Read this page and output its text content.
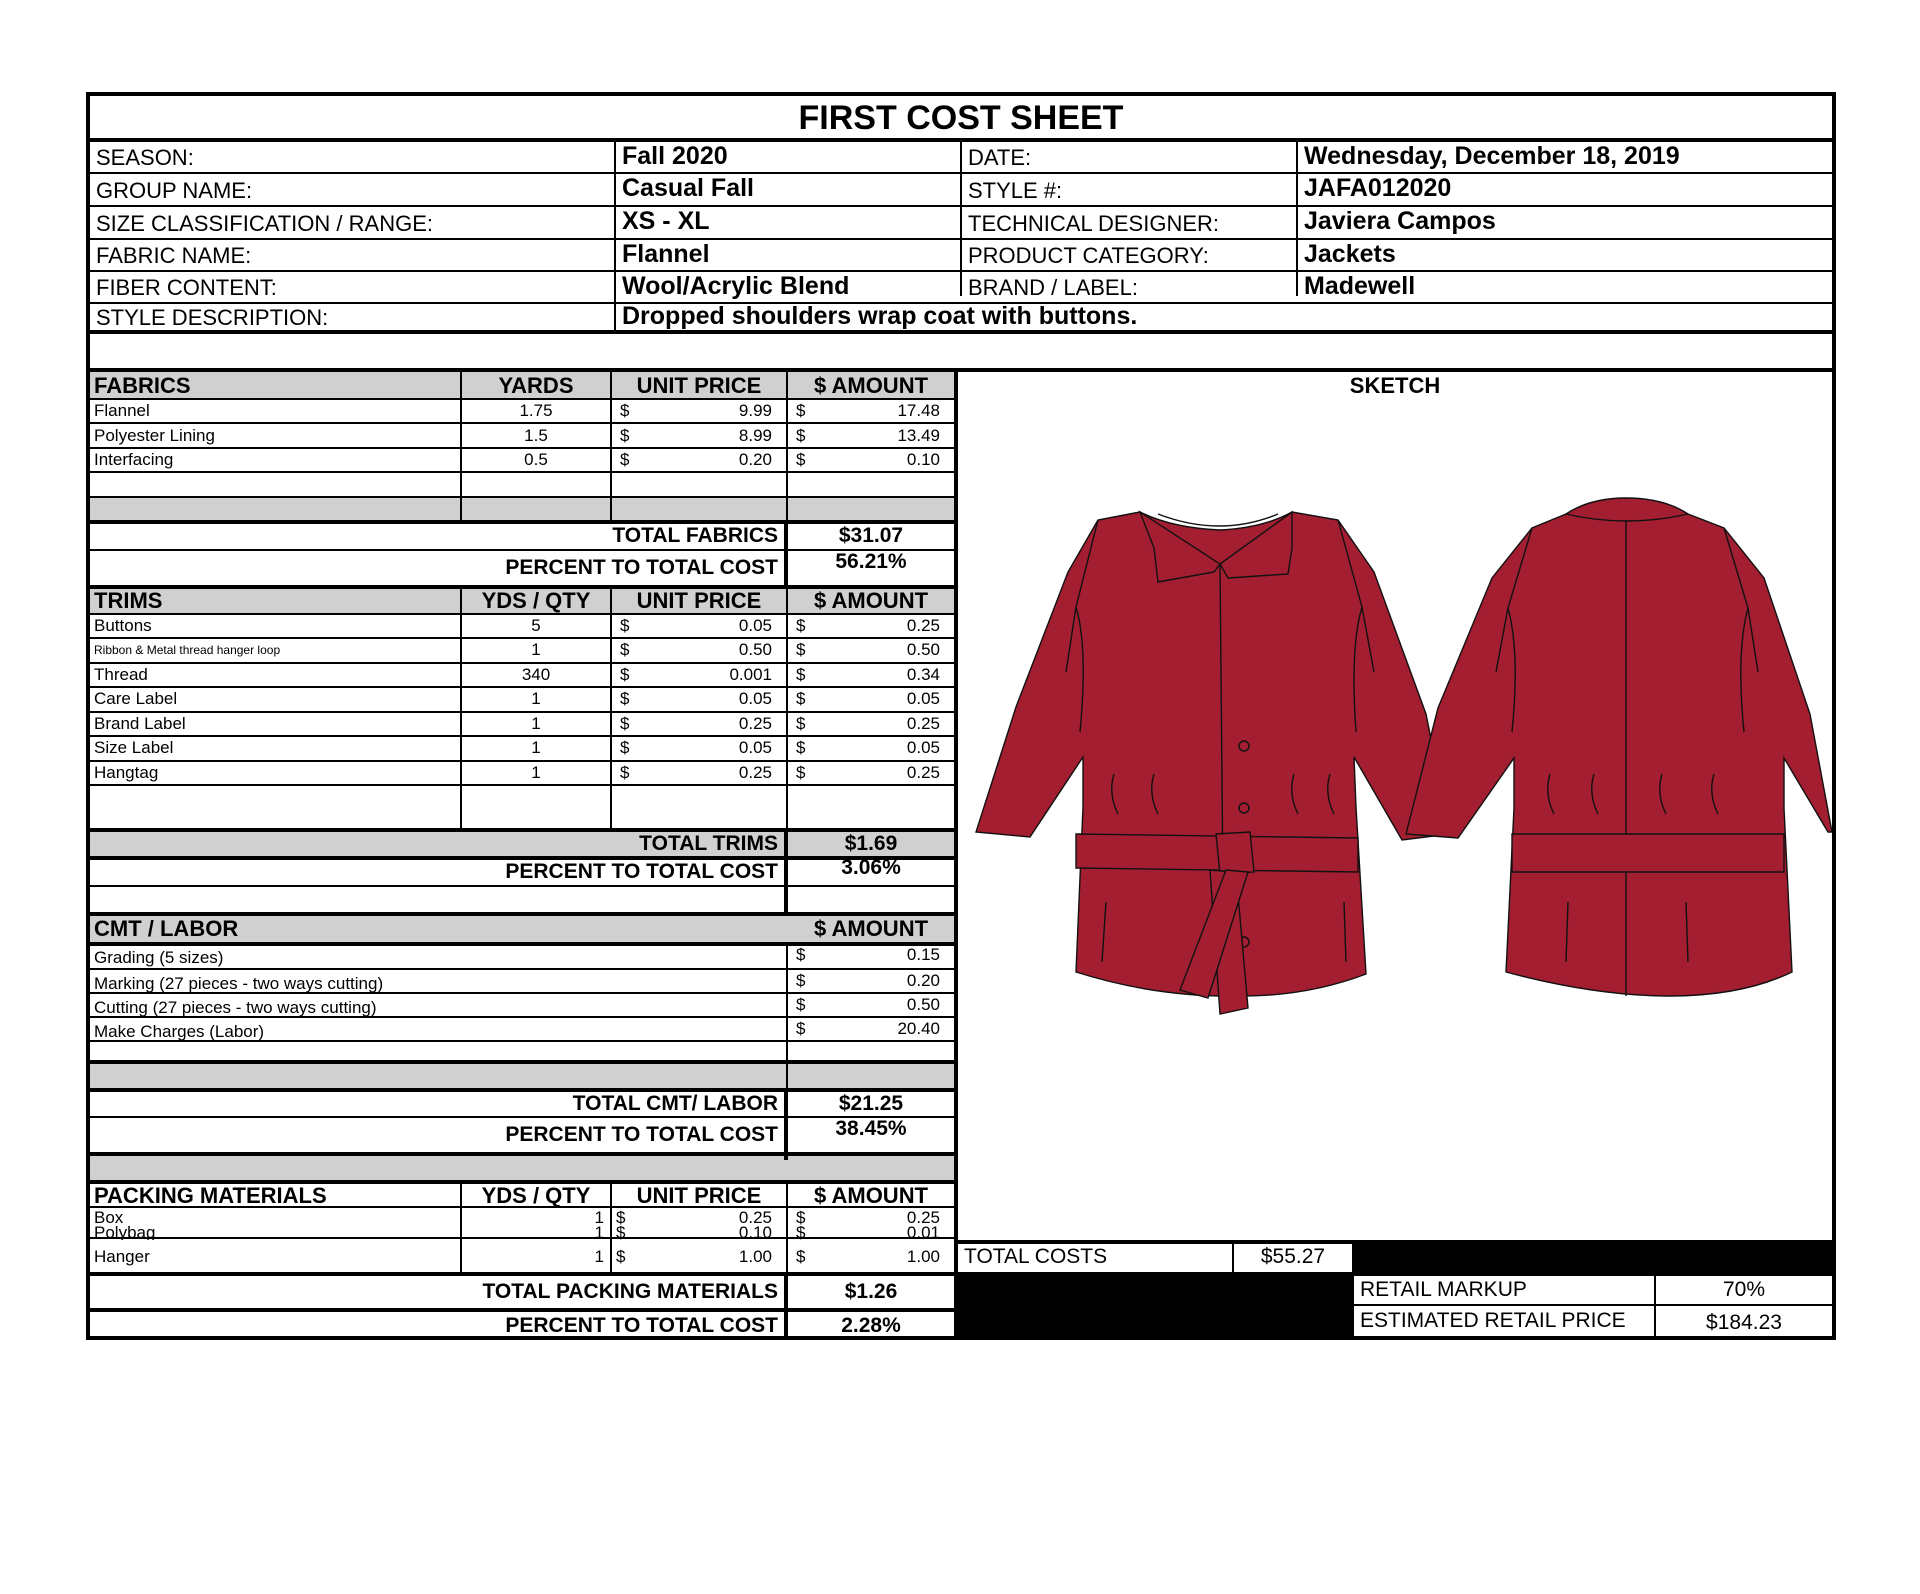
FIRST COST SHEET
SEASON:	Fall 2020	DATE:	Wednesday, December 18, 2019
GROUP NAME:	Casual Fall	STYLE #:	JAFA012020
SIZE CLASSIFICATION / RANGE:	XS - XL	TECHNICAL DESIGNER:	Javiera Campos
FABRIC NAME:	Flannel	PRODUCT CATEGORY:	Jackets
FIBER CONTENT:	Wool/Acrylic Blend	BRAND / LABEL:	Madewell
STYLE DESCRIPTION:	Dropped shoulders wrap coat with buttons.
FABRICS	YARDS	UNIT PRICE	$ AMOUNT
Flannel	1.75	$	9.99	$	17.48
Polyester Lining	1.5	$	8.99	$	13.49
Interfacing	0.5	$	0.20	$	0.10
TOTAL FABRICS	$31.07
PERCENT TO TOTAL COST	56.21%
TRIMS	YDS / QTY	UNIT PRICE	$ AMOUNT
Buttons	5	$	0.05	$	0.25
Ribbon & Metal thread hanger loop	1	$	0.50	$	0.50
Thread	340	$	0.001	$	0.34
Care Label	1	$	0.05	$	0.05
Brand Label	1	$	0.25	$	0.25
Size Label	1	$	0.05	$	0.05
Hangtag	1	$	0.25	$	0.25
TOTAL TRIMS	$1.69
PERCENT TO TOTAL COST	3.06%
CMT / LABOR	$ AMOUNT
Grading (5 sizes)	$	0.15
Marking (27 pieces - two ways cutting)	$	0.20
Cutting (27 pieces - two ways cutting)	$	0.50
Make Charges (Labor)	$	20.40
TOTAL CMT/ LABOR	$21.25
PERCENT TO TOTAL COST	38.45%
PACKING MATERIALS	YDS / QTY	UNIT PRICE	$ AMOUNT
Box	1 $	0.25	$	0.25
Polybag	1 $	0.10	$	0.01
Hanger	1 $	1.00	$	1.00
TOTAL PACKING MATERIALS	$1.26
PERCENT TO TOTAL COST	2.28%
SKETCH
TOTAL COSTS	$55.27
RETAIL MARKUP	70%
ESTIMATED RETAIL PRICE	$184.23
